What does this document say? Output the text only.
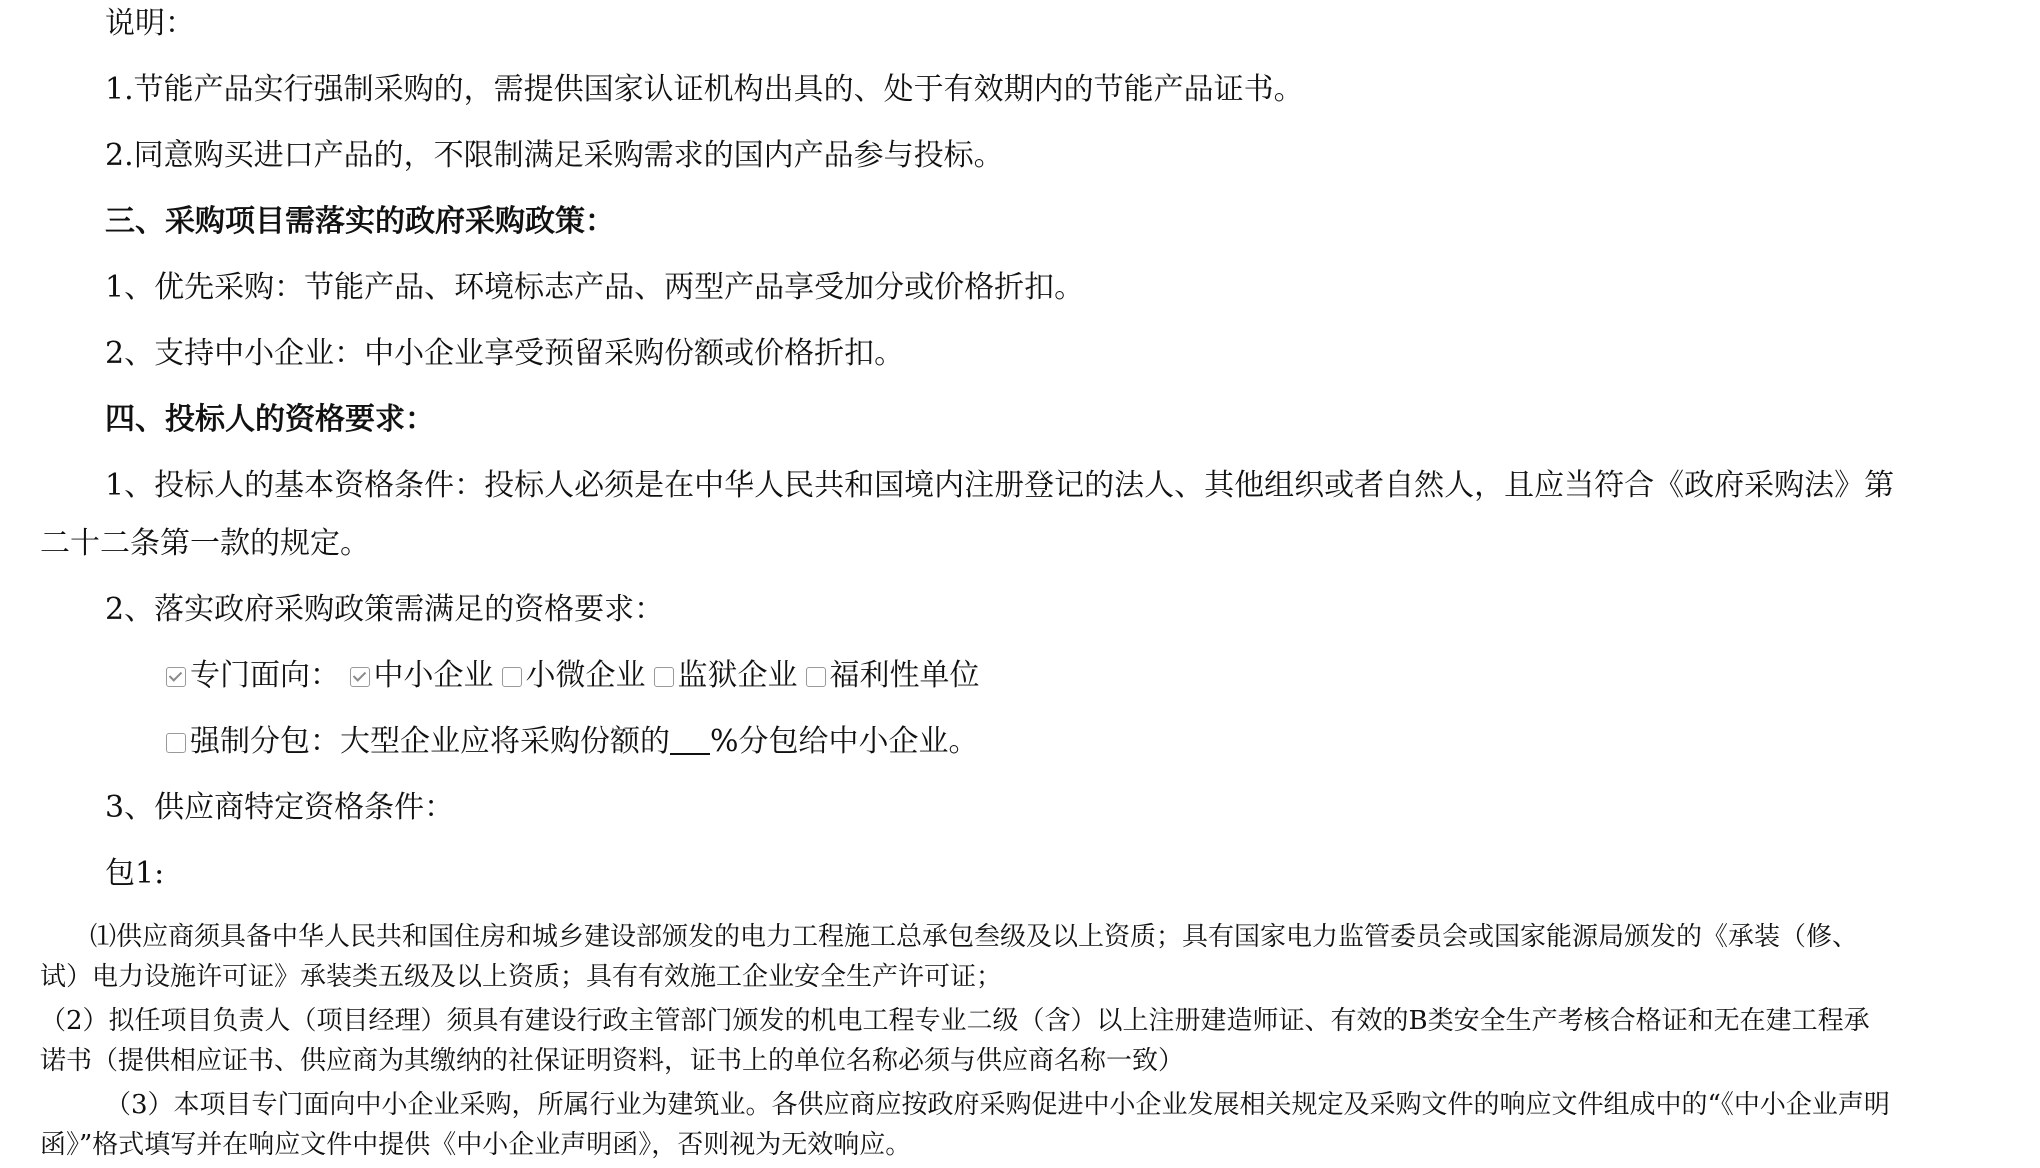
说明：
1.节能产品实行强制采购的，需提供国家认证机构出具的、处于有效期内的节能产品证书。
2.同意购买进口产品的，不限制满足采购需求的国内产品参与投标。
三、采购项目需落实的政府采购政策：
1、优先采购：节能产品、环境标志产品、两型产品享受加分或价格折扣。
2、支持中小企业：中小企业享受预留采购份额或价格折扣。
四、投标人的资格要求：
1、投标人的基本资格条件：投标人必须是在中华人民共和国境内注册登记的法人、其他组织或者自然人，且应当符合《政府采购法》第
二十二条第一款的规定。
2、落实政府采购政策需满足的资格要求：
专门面向： 中小企业 小微企业 监狱企业 福利性单位
强制分包：大型企业应将采购份额的 %分包给中小企业。
3、供应商特定资格条件：
包1:
⑴供应商须具备中华人民共和国住房和城乡建设部颁发的电力工程施工总承包叁级及以上资质；具有国家电力监管委员会或国家能源局颁发的《承装（修、
试）电力设施许可证》承装类五级及以上资质；具有有效施工企业安全生产许可证；
（2）拟任项目负责人（项目经理）须具有建设行政主管部门颁发的机电工程专业二级（含）以上注册建造师证、有效的B类安全生产考核合格证和无在建工程承
诺书（提供相应证书、供应商为其缴纳的社保证明资料，证书上的单位名称必须与供应商名称一致）
（3）本项目专门面向中小企业采购，所属行业为建筑业。各供应商应按政府采购促进中小企业发展相关规定及采购文件的响应文件组成中的“《中小企业声明
函》”格式填写并在响应文件中提供《中小企业声明函》，否则视为无效响应。
